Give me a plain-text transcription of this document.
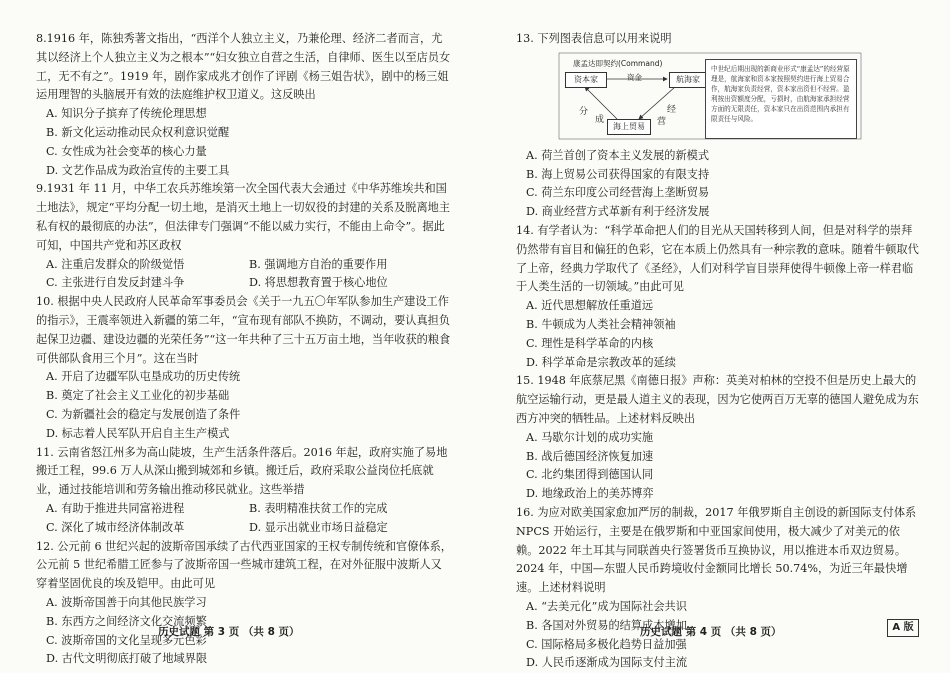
8.1916 年，陈独秀著文指出，“西洋个人独立主义，乃兼伦理、经济二者而言，尤其以经济上个人独立主义为之根本”“妇女独立自营之生活，自律师、医生以至店员女工，无不有之”。1919 年，剧作家成兆才创作了评剧《杨三姐告状》，剧中的杨三姐运用理智的头脑展开有效的法庭维护权卫道义。这反映出

A. 知识分子摈弃了传统伦理思想
B. 新文化运动推动民众权利意识觉醒
C. 女性成为社会变革的核心力量
D. 文艺作品成为政治宣传的主要工具

9.1931 年 11 月，中华工农兵苏维埃第一次全国代表大会通过《中华苏维埃共和国土地法》，规定“平均分配一切土地，是消灭土地上一切奴役的封建的关系及脱离地主私有权的最彻底的办法”，但法律专门强调“不能以威力实行，不能由上命令”。据此可知，中国共产党和苏区政权

A. 注重启发群众的阶级觉悟	B. 强调地方自治的重要作用
C. 主张进行自发反封建斗争	D. 将思想教育置于核心地位

10. 根据中央人民政府人民革命军事委员会《关于一九五〇年军队参加生产建设工作的指示》，王震率领进入新疆的第二年，“宣布现有部队不换防，不调动，要认真担负起保卫边疆、建设边疆的光荣任务”“这一年共种了三十五万亩土地，当年收获的粮食可供部队食用三个月”。这在当时

A. 开启了边疆军队屯垦成功的历史传统
B. 奠定了社会主义工业化的初步基础
C. 为新疆社会的稳定与发展创造了条件
D. 标志着人民军队开启自主生产模式

11. 云南省怒江州多为高山陡坡，生产生活条件落后。2016 年起，政府实施了易地搬迁工程，99.6 万人从深山搬到城郊和乡镇。搬迁后，政府采取公益岗位托底就业，通过技能培训和劳务输出推动移民就业。这些举措

A. 有助于推进共同富裕进程	B. 表明精准扶贫工作的完成
C. 深化了城市经济体制改革	D. 显示出就业市场日益稳定

12. 公元前 6 世纪兴起的波斯帝国承续了古代西亚国家的王权专制传统和官僚体系，公元前 5 世纪希腊工匠参与了波斯帝国一些城市建筑工程，在对外征服中波斯人又穿着坚固优良的埃及铠甲。由此可见

A. 波斯帝国善于向其他民族学习
B. 东西方之间经济文化交流频繁
C. 波斯帝国的文化呈现多元色彩
D. 古代文明彻底打破了地域界限

13. 下列图表信息可以用来说明

康孟达即契约(Command)
资本家	航海家
海上贸易
资金
分
成
经
营
中世纪后期出现的新商业形式“康孟达”的经营原理是，航海家和资本家按照契约进行海上贸易合作，航海家负责经营，资本家出资但不经营。盈利按出资额度分配，亏损时，由航海家承担经营方面的无限责任，资本家只在出资范围内承担有限责任与风险。
A. 荷兰首创了资本主义发展的新模式
B. 海上贸易公司获得国家的有限支持
C. 荷兰东印度公司经营海上垄断贸易
D. 商业经营方式革新有利于经济发展

14. 有学者认为：“科学革命把人们的目光从天国转移到人间，但是对科学的崇拜仍然带有盲目和偏狂的色彩，它在本质上仍然具有一种宗教的意味。随着牛顿取代了上帝，经典力学取代了《圣经》，人们对科学盲目崇拜使得牛顿像上帝一样君临于人类生活的一切领域。”由此可见

A. 近代思想解放任重道远
B. 牛顿成为人类社会精神领袖
C. 理性是科学革命的内核
D. 科学革命是宗教改革的延续

15. 1948 年底蔡尼黑《南德日报》声称：英美对柏林的空投不但是历史上最大的航空运输行动，更是最人道主义的表现，因为它使两百万无辜的德国人避免成为东西方冲突的牺牲品。上述材料反映出

A. 马歇尔计划的成功实施
B. 战后德国经济恢复加速
C. 北约集团得到德国认同
D. 地缘政治上的美苏博弈

16. 为应对欧美国家愈加严厉的制裁，2017 年俄罗斯自主创设的新国际支付体系 NPCS 开始运行，主要是在俄罗斯和中亚国家间使用，极大减少了对美元的依赖。2022 年土耳其与同联酋央行签署货币互换协议，用以推进本币双边贸易。2024 年，中国—东盟人民币跨境收付金额同比增长 50.74%，为近三年最快增速。上述材料说明

A. “去美元化”成为国际社会共识
B. 各国对外贸易的结算成本增加
C. 国际格局多极化趋势日益加强
D. 人民币逐渐成为国际支付主流
历史试题 第 3 页 （共 8 页）	历史试题 第 4 页 （共 8 页）	A 版
